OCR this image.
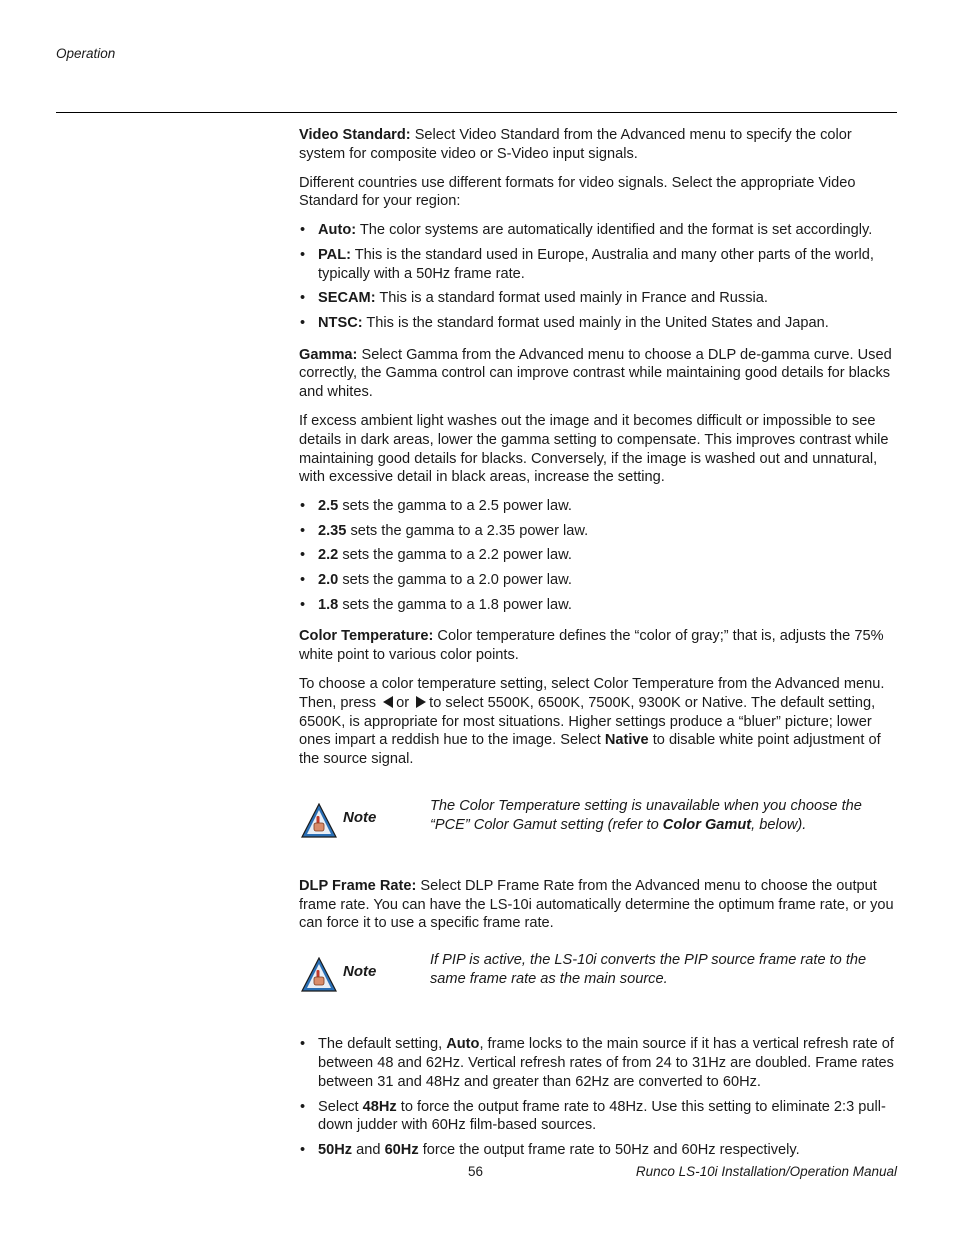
Operation

Video Standard: Select Video Standard from the Advanced menu to specify the color system for composite video or S-Video input signals.

Different countries use different formats for video signals. Select the appropriate Video Standard for your region:

• Auto: The color systems are automatically identified and the format is set accordingly.
• PAL: This is the standard used in Europe, Australia and many other parts of the world, typically with a 50Hz frame rate.
• SECAM: This is a standard format used mainly in France and Russia.
• NTSC: This is the standard format used mainly in the United States and Japan.

Gamma: Select Gamma from the Advanced menu to choose a DLP de-gamma curve. Used correctly, the Gamma control can improve contrast while maintaining good details for blacks and whites.

If excess ambient light washes out the image and it becomes difficult or impossible to see details in dark areas, lower the gamma setting to compensate. This improves contrast while maintaining good details for blacks. Conversely, if the image is washed out and unnatural, with excessive detail in black areas, increase the setting.

• 2.5 sets the gamma to a 2.5 power law.
• 2.35 sets the gamma to a 2.35 power law.
• 2.2 sets the gamma to a 2.2 power law.
• 2.0 sets the gamma to a 2.0 power law.
• 1.8 sets the gamma to a 1.8 power law.

Color Temperature: Color temperature defines the “color of gray;” that is, adjusts the 75% white point to various color points.

To choose a color temperature setting, select Color Temperature from the Advanced menu. Then, press or to select 5500K, 6500K, 7500K, 9300K or Native. The default setting, 6500K, is appropriate for most situations. Higher settings produce a “bluer” picture; lower ones impart a reddish hue to the image. Select Native to disable white point adjustment of the source signal.

Note
The Color Temperature setting is unavailable when you choose the “PCE” Color Gamut setting (refer to Color Gamut, below).

DLP Frame Rate: Select DLP Frame Rate from the Advanced menu to choose the output frame rate. You can have the LS-10i automatically determine the optimum frame rate, or you can force it to use a specific frame rate.

Note
If PIP is active, the LS-10i converts the PIP source frame rate to the same frame rate as the main source.
• The default setting, Auto, frame locks to the main source if it has a vertical refresh rate of between 48 and 62Hz. Vertical refresh rates of from 24 to 31Hz are doubled. Frame rates between 31 and 48Hz and greater than 62Hz are converted to 60Hz.
• Select 48Hz to force the output frame rate to 48Hz. Use this setting to eliminate 2:3 pull-down judder with 60Hz film-based sources.
• 50Hz and 60Hz force the output frame rate to 50Hz and 60Hz respectively.
56	Runco LS-10i Installation/Operation Manual
